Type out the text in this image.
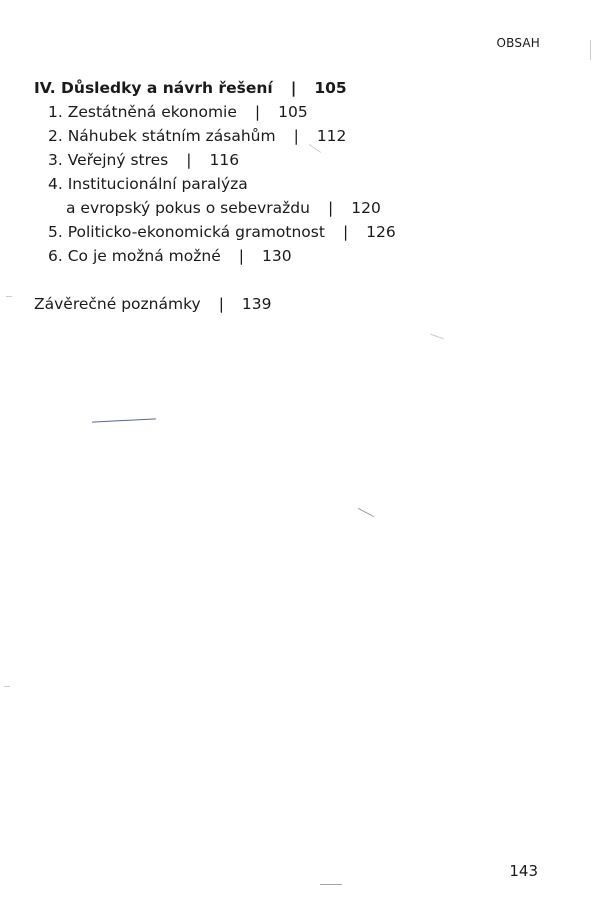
OBSAH
IV. Důsledky a návrh řešení | 105
1. Zestátněná ekonomie | 105
2. Náhubek státním zásahům | 112
3. Veřejný stres | 116
4. Institucionální paralýza
a evropský pokus o sebevraždu | 120
5. Politicko-ekonomická gramotnost | 126
6. Co je možná možné | 130
Závěrečné poznámky | 139
143
